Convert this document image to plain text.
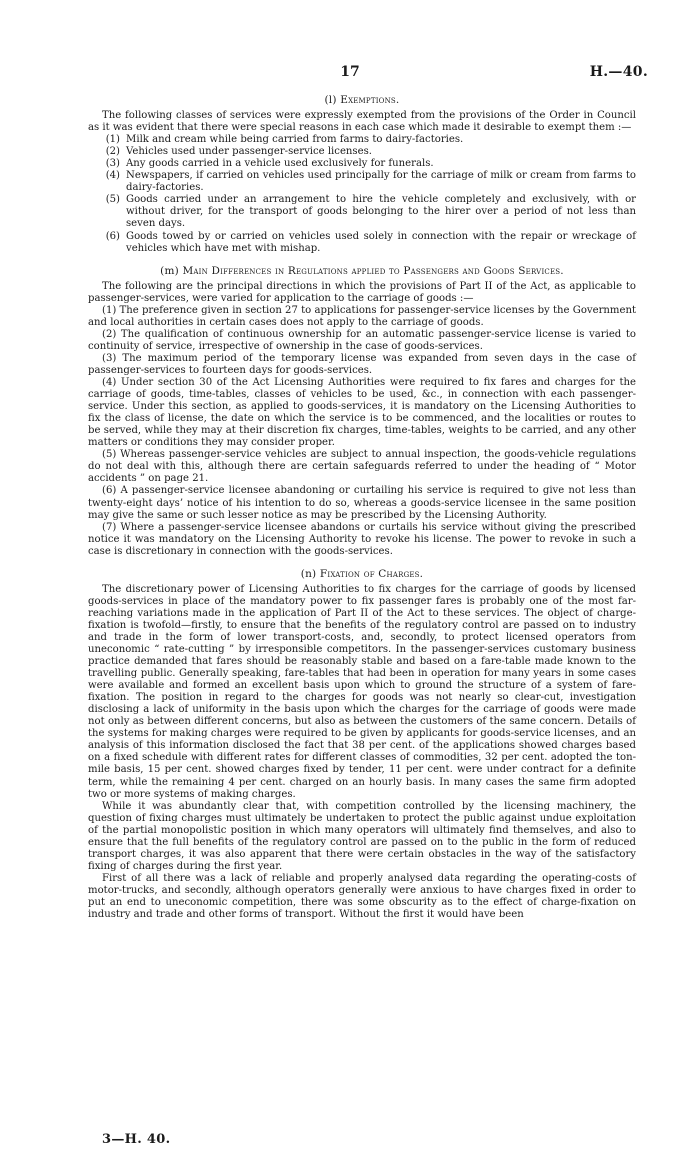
17	H.—40.
(l) Exemptions.

The following classes of services were expressly exempted from the provisions of the Order in Council as it was evident that there were special reasons in each case which made it desirable to exempt them :—

(1) Milk and cream while being carried from farms to dairy-factories.
(2) Vehicles used under passenger-service licenses.
(3) Any goods carried in a vehicle used exclusively for funerals.
(4) Newspapers, if carried on vehicles used principally for the carriage of milk or cream from farms to dairy-factories.
(5) Goods carried under an arrangement to hire the vehicle completely and exclusively, with or without driver, for the transport of goods belonging to the hirer over a period of not less than seven days.
(6) Goods towed by or carried on vehicles used solely in connection with the repair or wreckage of vehicles which have met with mishap.
(m) Main Differences in Regulations applied to Passengers and Goods Services.

The following are the principal directions in which the provisions of Part II of the Act, as applicable to passenger-services, were varied for application to the carriage of goods :—

(1) The preference given in section 27 to applications for passenger-service licenses by the Government and local authorities in certain cases does not apply to the carriage of goods.

(2) The qualification of continuous ownership for an automatic passenger-service license is varied to continuity of service, irrespective of ownership in the case of goods-services.

(3) The maximum period of the temporary license was expanded from seven days in the case of passenger-services to fourteen days for goods-services.

(4) Under section 30 of the Act Licensing Authorities were required to fix fares and charges for the carriage of goods, time-tables, classes of vehicles to be used, &c., in connection with each passenger-service. Under this section, as applied to goods-services, it is mandatory on the Licensing Authorities to fix the class of license, the date on which the service is to be commenced, and the localities or routes to be served, while they may at their discretion fix charges, time-tables, weights to be carried, and any other matters or conditions they may consider proper.

(5) Whereas passenger-service vehicles are subject to annual inspection, the goods-vehicle regulations do not deal with this, although there are certain safeguards referred to under the heading of “ Motor accidents ” on page 21.

(6) A passenger-service licensee abandoning or curtailing his service is required to give not less than twenty-eight days’ notice of his intention to do so, whereas a goods-service licensee in the same position may give the same or such lesser notice as may be prescribed by the Licensing Authority.

(7) Where a passenger-service licensee abandons or curtails his service without giving the prescribed notice it was mandatory on the Licensing Authority to revoke his license. The power to revoke in such a case is discretionary in connection with the goods-services.

(n) Fixation of Charges.

The discretionary power of Licensing Authorities to fix charges for the carriage of goods by licensed goods-services in place of the mandatory power to fix passenger fares is probably one of the most far-reaching variations made in the application of Part II of the Act to these services. The object of charge-fixation is twofold—firstly, to ensure that the benefits of the regulatory control are passed on to industry and trade in the form of lower transport-costs, and, secondly, to protect licensed operators from uneconomic “ rate-cutting ” by irresponsible competitors. In the passenger-services customary business practice demanded that fares should be reasonably stable and based on a fare-table made known to the travelling public. Generally speaking, fare-tables that had been in operation for many years in some cases were available and formed an excellent basis upon which to ground the structure of a system of fare-fixation. The position in regard to the charges for goods was not nearly so clear-cut, investigation disclosing a lack of uniformity in the basis upon which the charges for the carriage of goods were made not only as between different concerns, but also as between the customers of the same concern. Details of the systems for making charges were required to be given by applicants for goods-service licenses, and an analysis of this information disclosed the fact that 38 per cent. of the applications showed charges based on a fixed schedule with different rates for different classes of commodities, 32 per cent. adopted the ton-mile basis, 15 per cent. showed charges fixed by tender, 11 per cent. were under contract for a definite term, while the remaining 4 per cent. charged on an hourly basis. In many cases the same firm adopted two or more systems of making charges.

While it was abundantly clear that, with competition controlled by the licensing machinery, the question of fixing charges must ultimately be undertaken to protect the public against undue exploitation of the partial monopolistic position in which many operators will ultimately find themselves, and also to ensure that the full benefits of the regulatory control are passed on to the public in the form of reduced transport charges, it was also apparent that there were certain obstacles in the way of the satisfactory fixing of charges during the first year.

First of all there was a lack of reliable and properly analysed data regarding the operating-costs of motor-trucks, and secondly, although operators generally were anxious to have charges fixed in order to put an end to uneconomic competition, there was some obscurity as to the effect of charge-fixation on industry and trade and other forms of transport. Without the first it would have been

3—H. 40.
